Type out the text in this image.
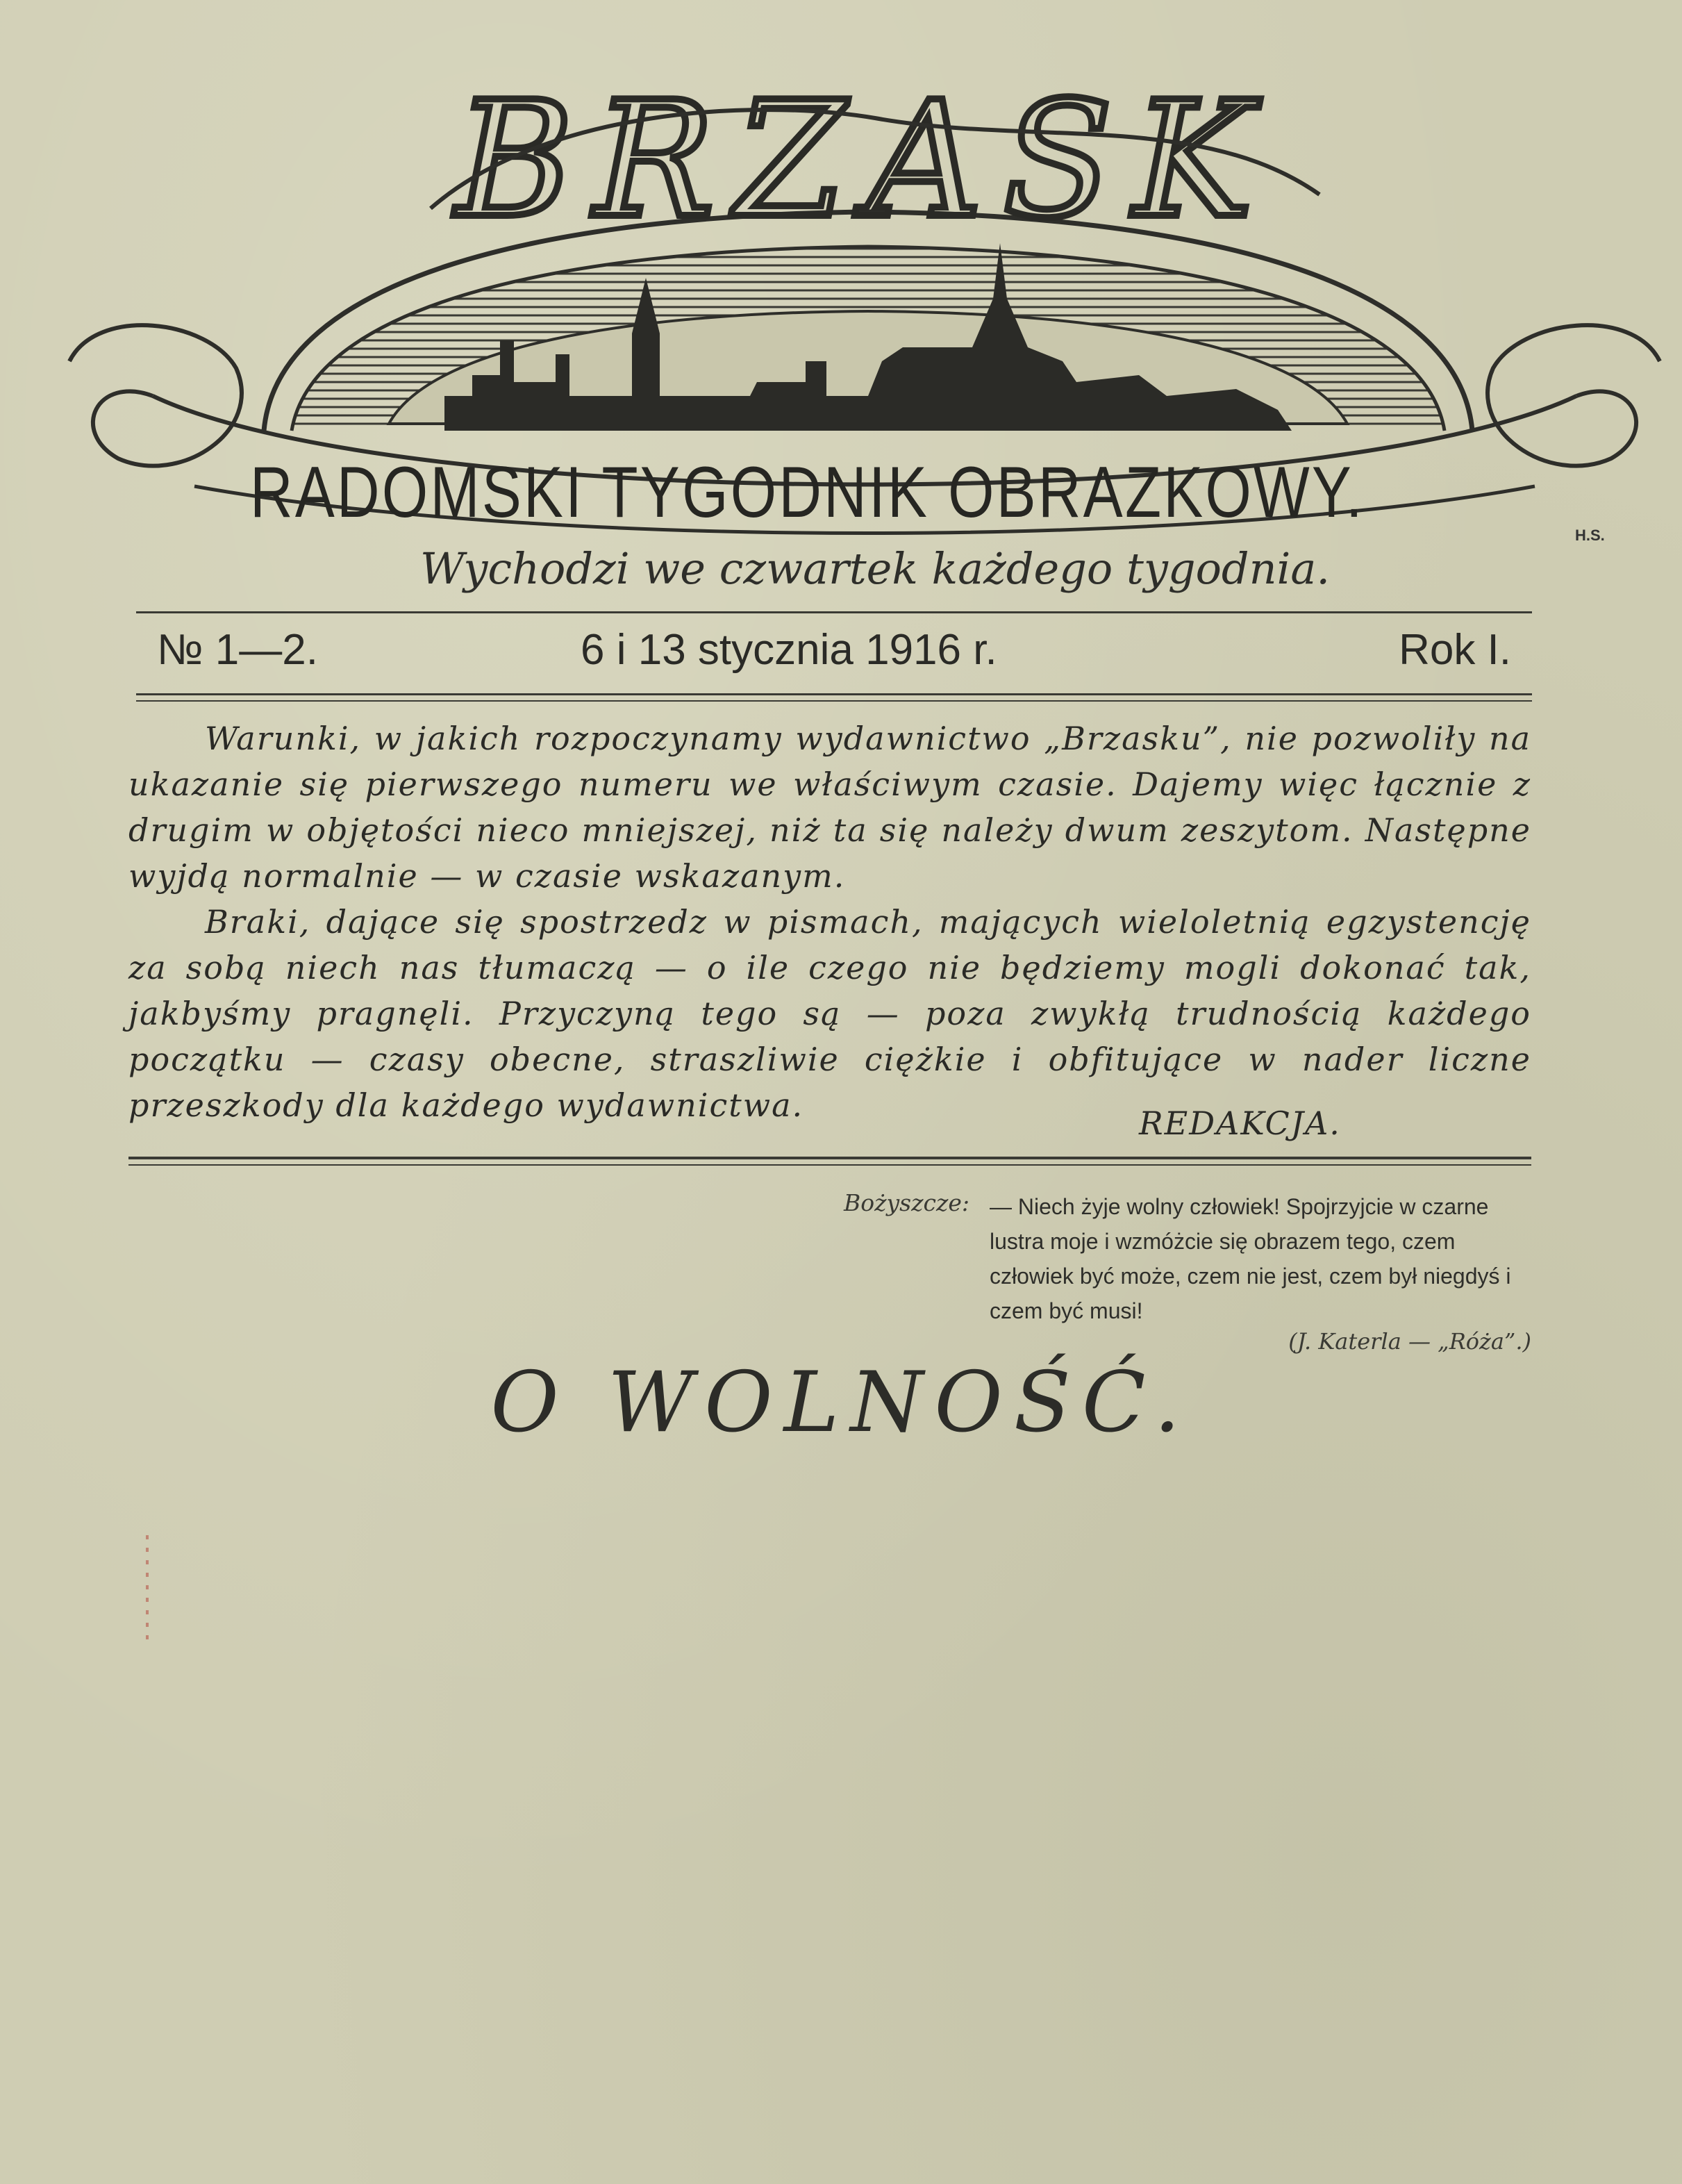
BRZASK
RADOMSKI TYGODNIK OBRAZKOWY.
H.S.
Wychodzi we czwartek każdego tygodnia.
№ 1—2.	6 i 13 stycznia 1916 r.	Rok I.

Warunki, w jakich rozpoczynamy wydawnictwo „Brzasku”, nie pozwoliły na ukazanie się pierwszego numeru we właściwym czasie. Dajemy więc łącznie z drugim w objętości nieco mniejszej, niż ta się należy dwum zeszytom. Następne wyjdą normalnie — w czasie wskazanym.

Braki, dające się spostrzedz w pismach, mających wieloletnią egzystencję za sobą niech nas tłumaczą — o ile czego nie będziemy mogli dokonać tak, jakbyśmy pragnęli. Przyczyną tego są — poza zwykłą trudnością każdego początku — czasy obecne, straszliwie ciężkie i obfitujące w nader liczne przeszkody dla każdego wydawnictwa.	REDAKCJA.
Bożyszcze: — Niech żyje wolny człowiek! Spojrzyjcie w czarne lustra moje i wzmóżcie się obrazem tego, czem człowiek być może, czem nie jest, czem był niegdyś i czem być musi!
(J. Katerla — „Róża”.)
O WOLNOŚĆ.
